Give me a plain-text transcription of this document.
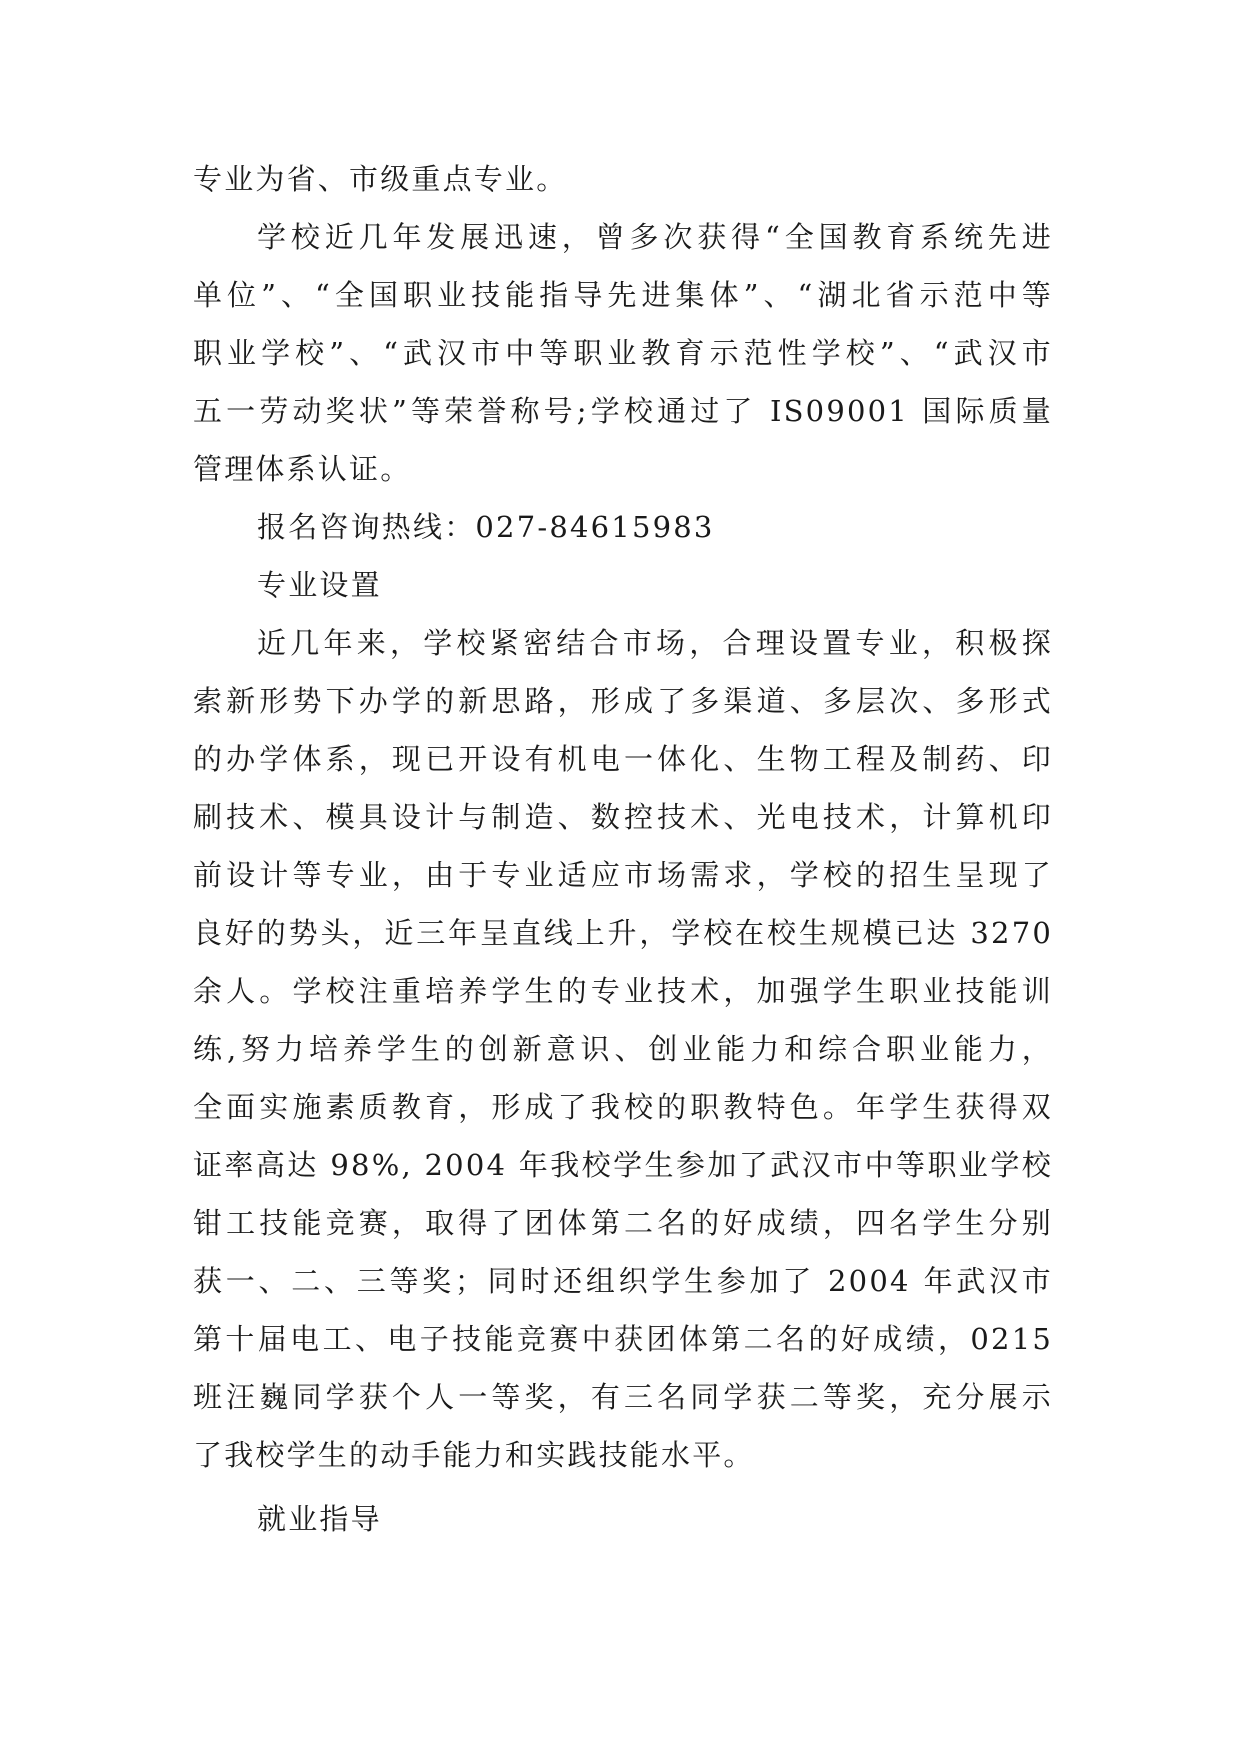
专业为省、市级重点专业。
学校近几年发展迅速，曾多次获得“全国教育系统先进
单位”、“全国职业技能指导先进集体”、“湖北省示范中等
职业学校”、“武汉市中等职业教育示范性学校”、“武汉市
五一劳动奖状”等荣誉称号;学校通过了 IS09001 国际质量
管理体系认证。
报名咨询热线：027-84615983
专业设置
近几年来，学校紧密结合市场，合理设置专业，积极探
索新形势下办学的新思路，形成了多渠道、多层次、多形式
的办学体系，现已开设有机电一体化、生物工程及制药、印
刷技术、模具设计与制造、数控技术、光电技术，计算机印
前设计等专业，由于专业适应市场需求，学校的招生呈现了
良好的势头，近三年呈直线上升，学校在校生规模已达 3270
余人。学校注重培养学生的专业技术，加强学生职业技能训
练,努力培养学生的创新意识、创业能力和综合职业能力，
全面实施素质教育，形成了我校的职教特色。年学生获得双
证率高达 98%, 2004 年我校学生参加了武汉市中等职业学校
钳工技能竞赛，取得了团体第二名的好成绩，四名学生分别
获一、二、三等奖；同时还组织学生参加了 2004 年武汉市
第十届电工、电子技能竞赛中获团体第二名的好成绩，0215
班汪巍同学获个人一等奖，有三名同学获二等奖，充分展示
了我校学生的动手能力和实践技能水平。
就业指导
